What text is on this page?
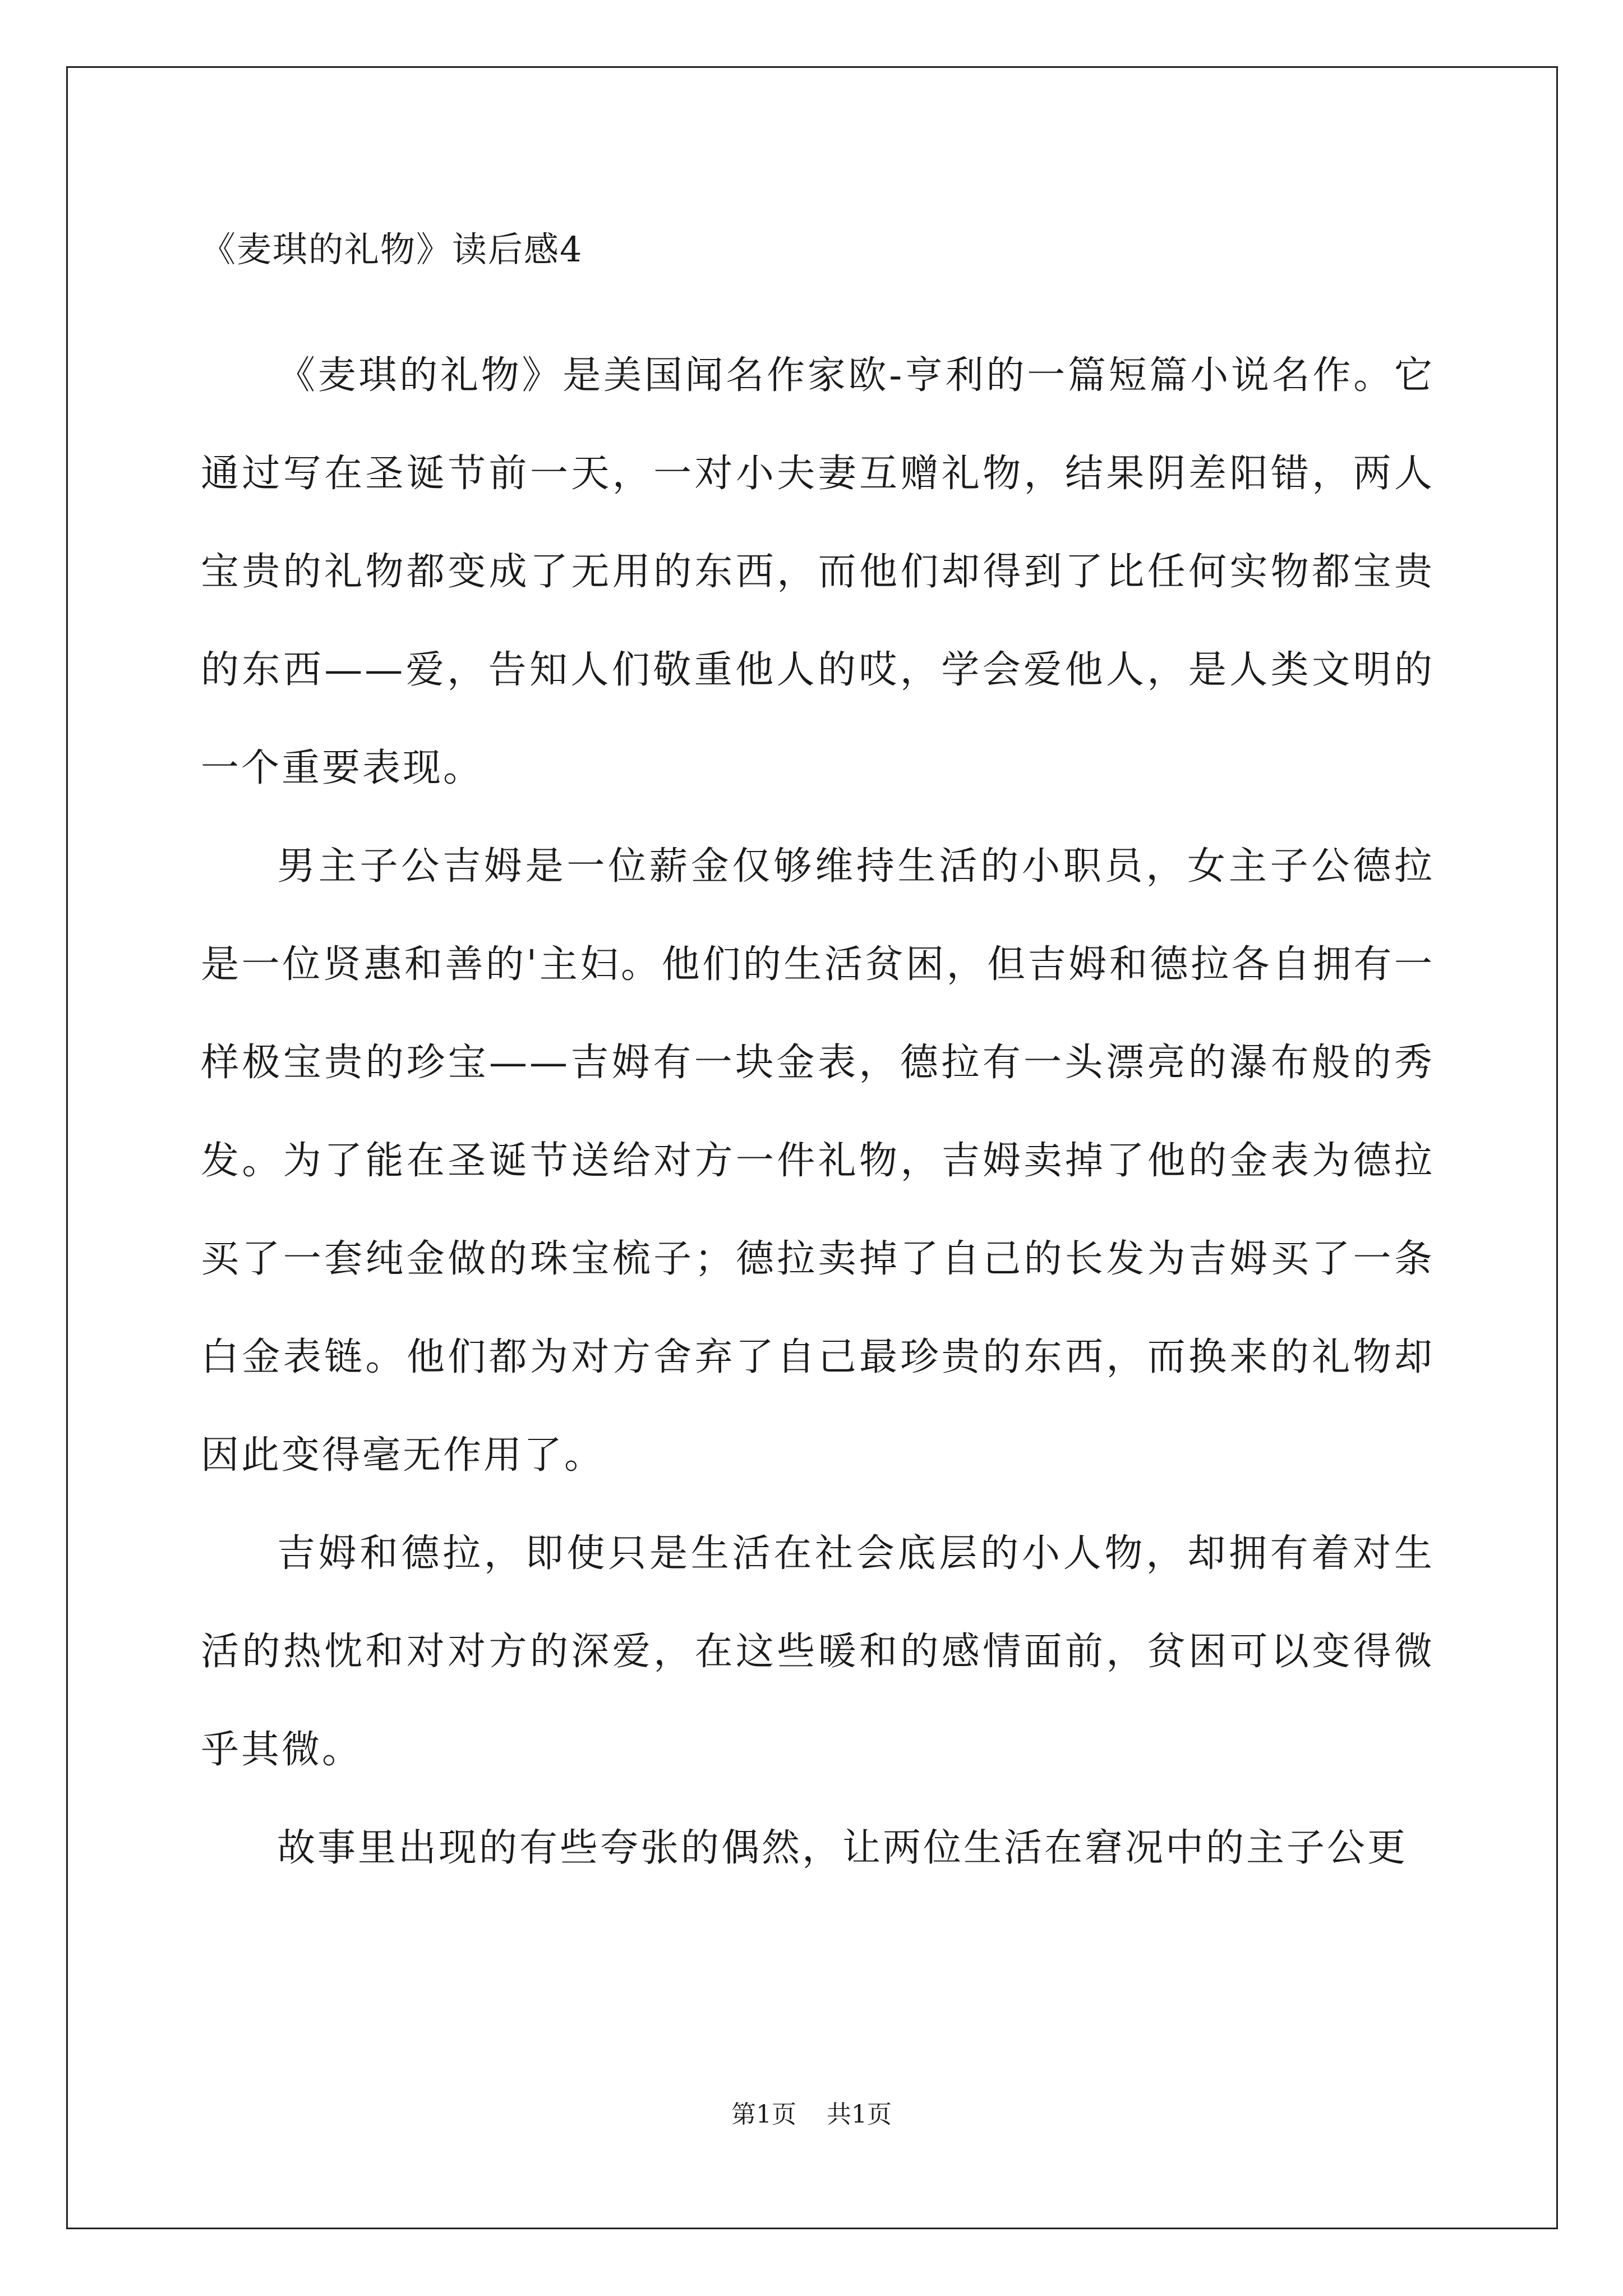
《麦琪的礼物》读后感4

《麦琪的礼物》是美国闻名作家欧-亨利的一篇短篇小说名作。它通过写在圣诞节前一天，一对小夫妻互赠礼物，结果阴差阳错，两人宝贵的礼物都变成了无用的东西，而他们却得到了比任何实物都宝贵的东西——爱，告知人们敬重他人的哎，学会爱他人，是人类文明的一个重要表现。

男主子公吉姆是一位薪金仅够维持生活的小职员，女主子公德拉是一位贤惠和善的'主妇。他们的生活贫困，但吉姆和德拉各自拥有一样极宝贵的珍宝——吉姆有一块金表，德拉有一头漂亮的瀑布般的秀发。为了能在圣诞节送给对方一件礼物，吉姆卖掉了他的金表为德拉买了一套纯金做的珠宝梳子；德拉卖掉了自己的长发为吉姆买了一条白金表链。他们都为对方舍弃了自己最珍贵的东西，而换来的礼物却因此变得毫无作用了。

吉姆和德拉，即使只是生活在社会底层的小人物，却拥有着对生活的热忱和对对方的深爱，在这些暖和的感情面前，贫困可以变得微乎其微。

故事里出现的有些夸张的偶然，让两位生活在窘况中的主子公更

第1页 共1页
